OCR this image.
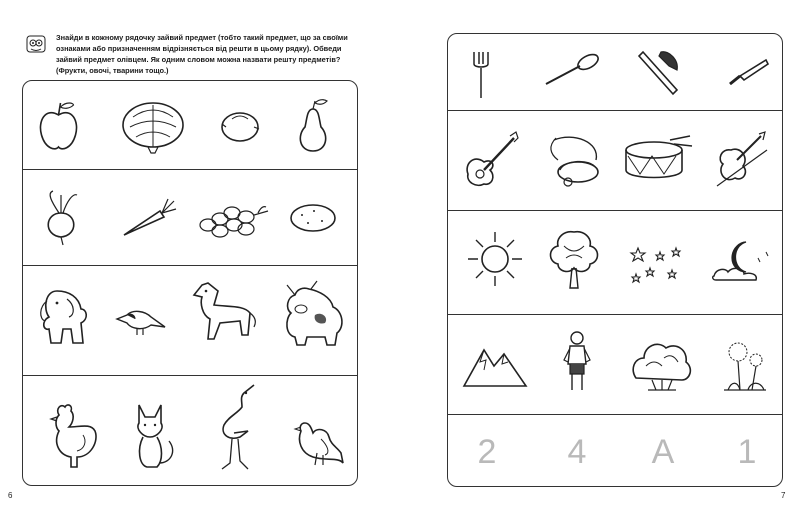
Знайди в кожному рядочку зайвий предмет (тобто такий предмет, що за своїми ознаками або призначенням відрізняється від решти в цьому рядку). Обведи зайвий предмет олівцем. Як одним словом можна назвати решту предметів? (Фрукти, овочі, тварини тощо.)

6
2	4	A	1
7
